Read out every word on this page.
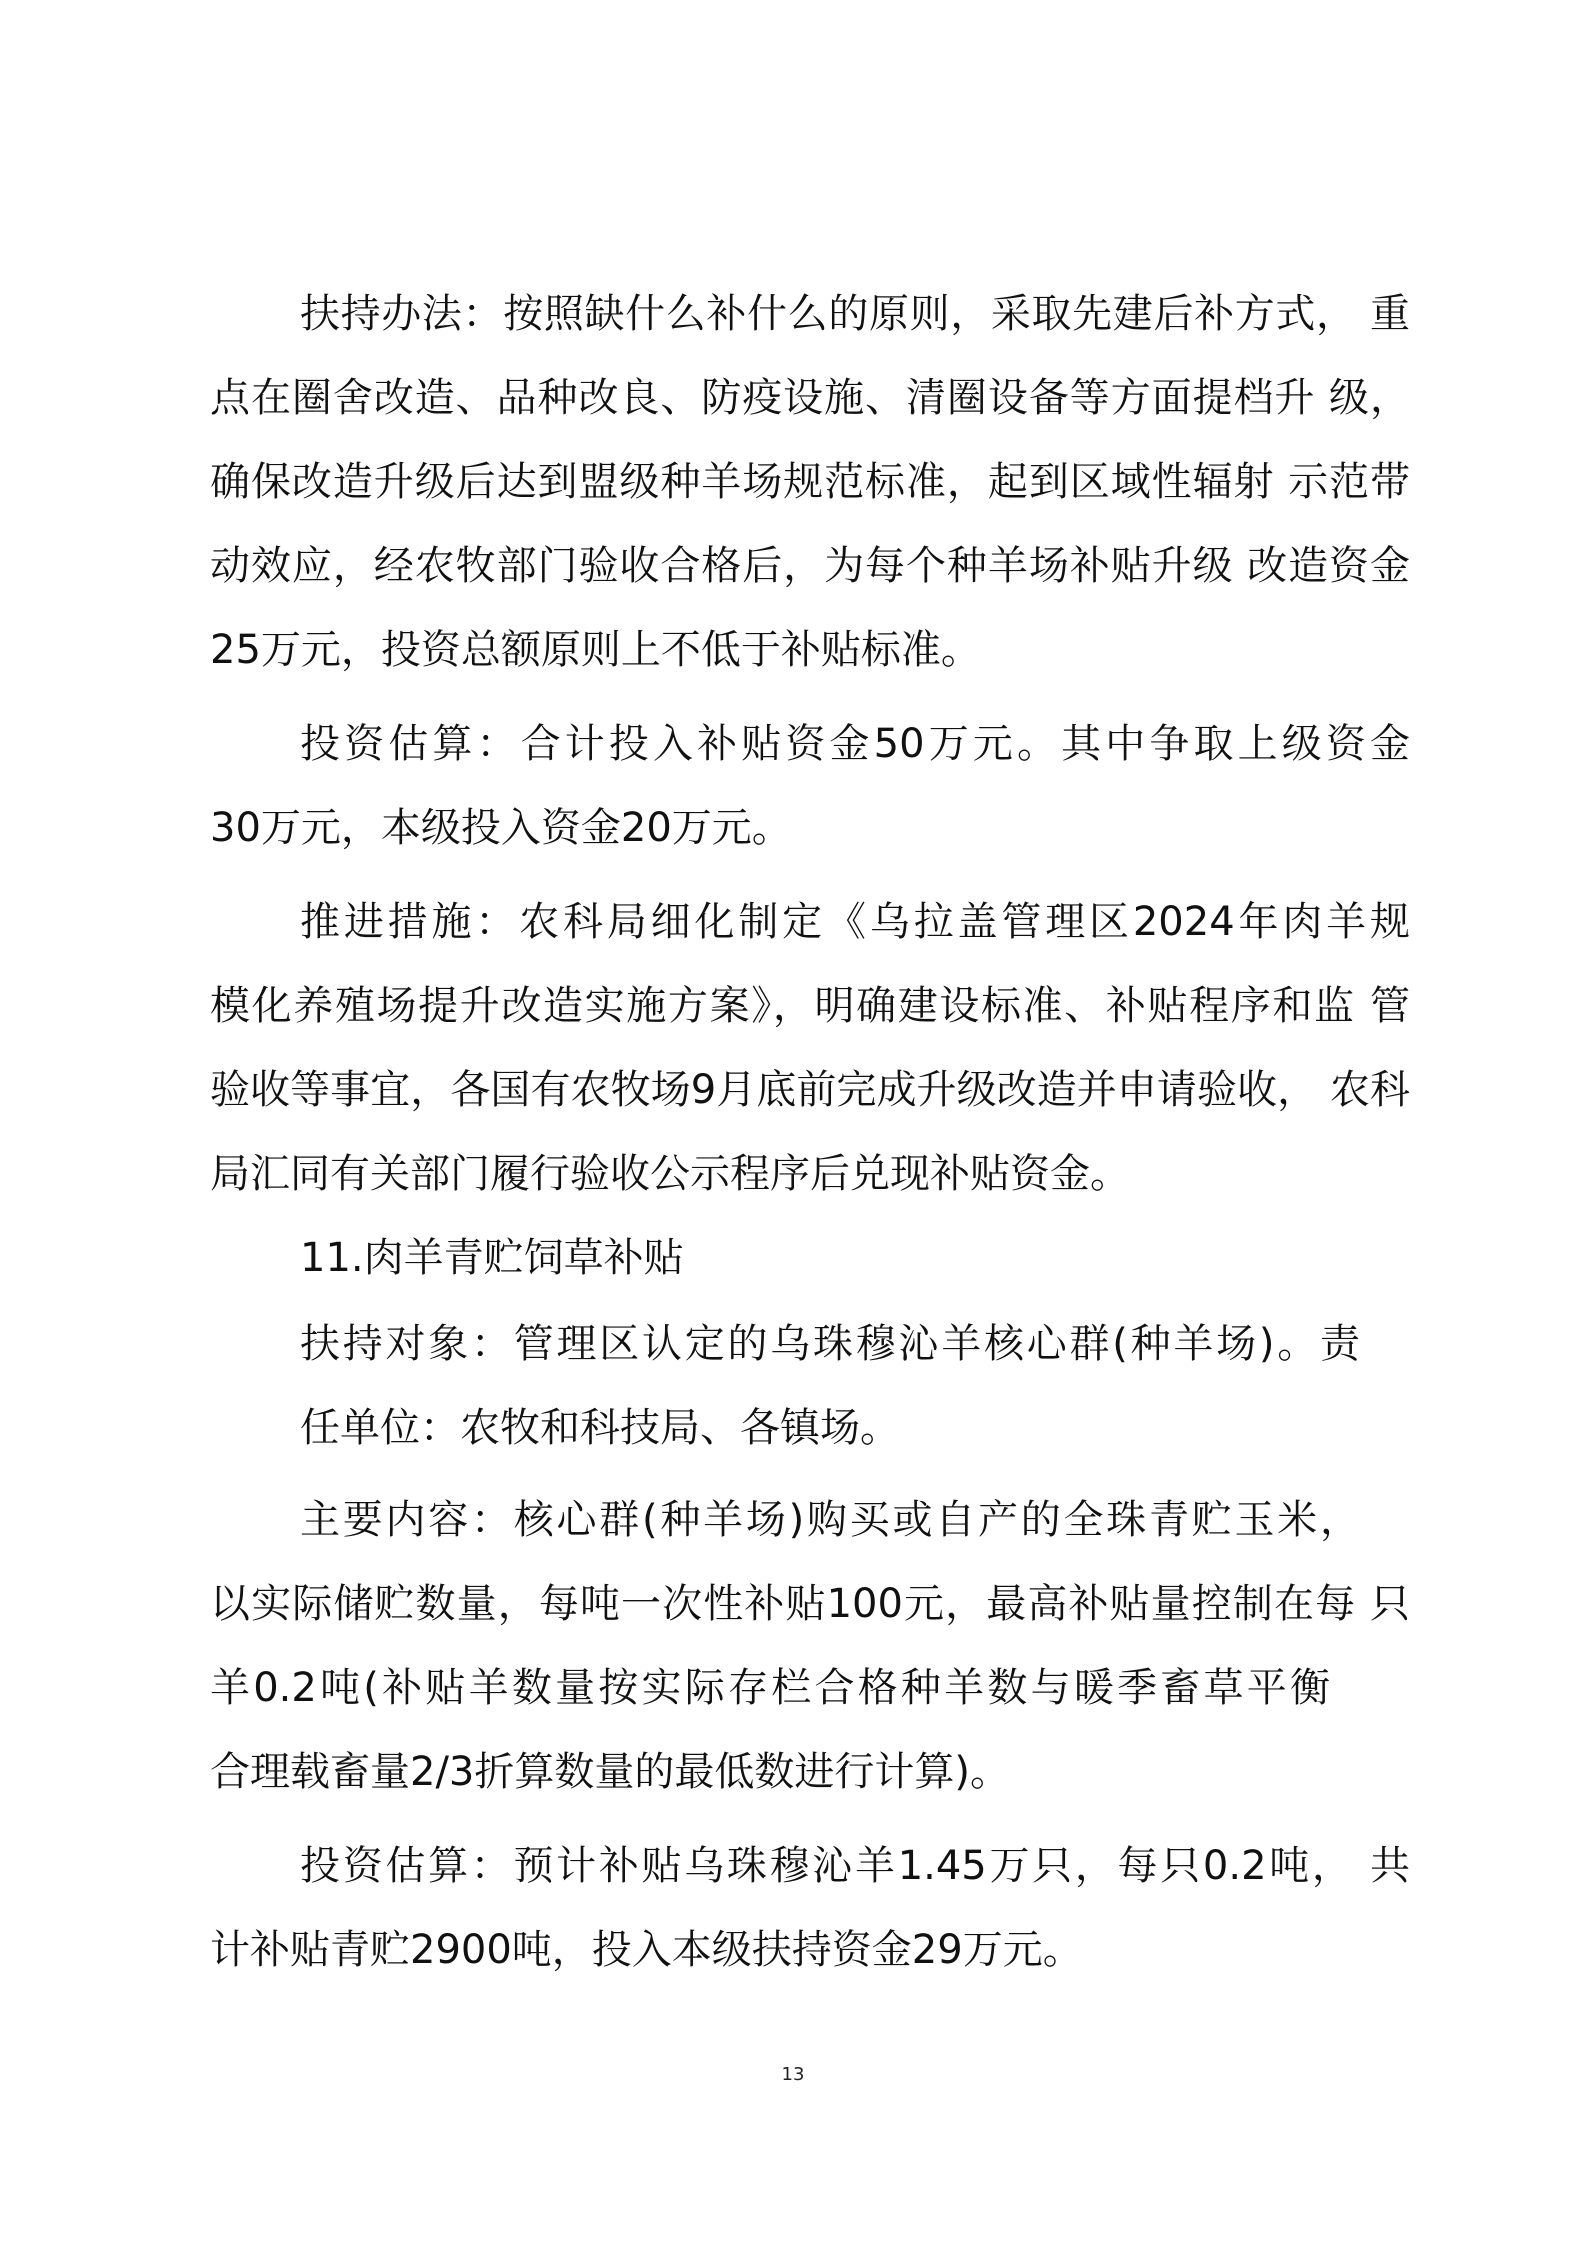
扶持办法：按照缺什么补什么的原则，采取先建后补方式， 重
点在圈舍改造、品种改良、防疫设施、清圈设备等方面提档升 级，
确保改造升级后达到盟级种羊场规范标准，起到区域性辐射 示范带
动效应，经农牧部门验收合格后，为每个种羊场补贴升级 改造资金
25万元，投资总额原则上不低于补贴标准。
投资估算：合计投入补贴资金50万元。其中争取上级资金
30万元，本级投入资金20万元。
推进措施：农科局细化制定《乌拉盖管理区2024年肉羊规
模化养殖场提升改造实施方案》，明确建设标准、补贴程序和监 管
验收等事宜，各国有农牧场9月底前完成升级改造并申请验收， 农科
局汇同有关部门履行验收公示程序后兑现补贴资金。
11.肉羊青贮饲草补贴
扶持对象：管理区认定的乌珠穆沁羊核心群(种羊场)。责
任单位：农牧和科技局、各镇场。
主要内容：核心群(种羊场)购买或自产的全珠青贮玉米，
以实际储贮数量，每吨一次性补贴100元，最高补贴量控制在每 只
羊0.2吨(补贴羊数量按实际存栏合格种羊数与暖季畜草平衡
合理载畜量2/3折算数量的最低数进行计算)。
投资估算：预计补贴乌珠穆沁羊1.45万只，每只0.2吨， 共
计补贴青贮2900吨，投入本级扶持资金29万元。
13
